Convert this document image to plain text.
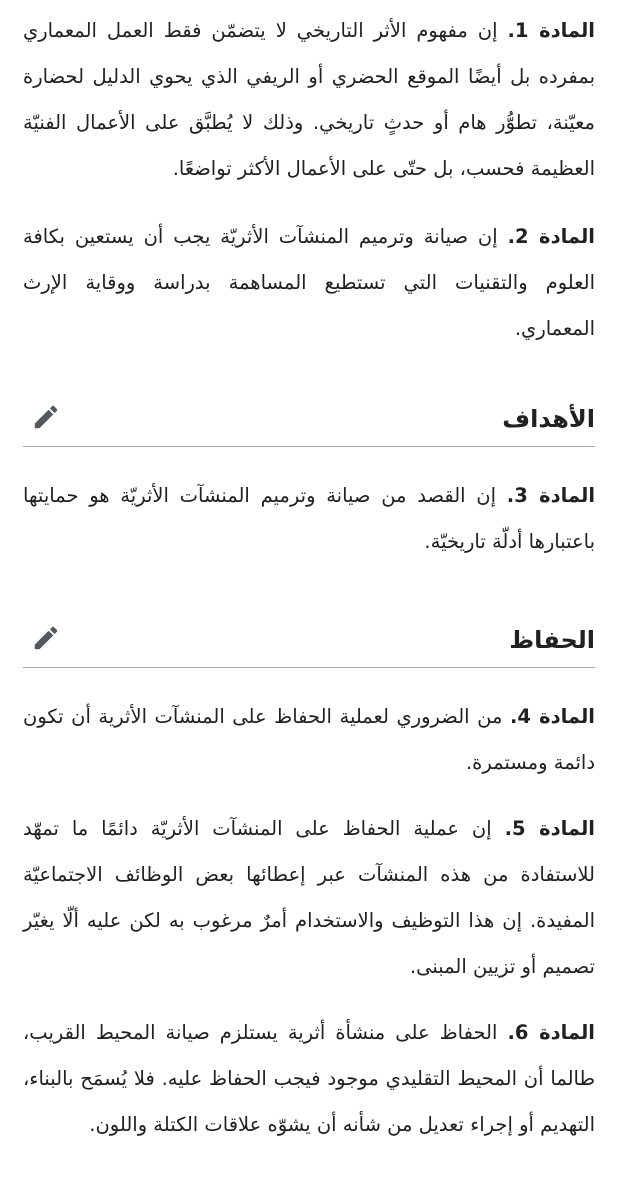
المادة 1. إن مفهوم الأثر التاريخي لا يتضمّن فقط العمل المعماري بمفرده بل أيضًا الموقع الحضري أو الريفي الذي يحوي الدليل لحضارة معيّنة، تطوُّر هام أو حدثٍ تاريخي. وذلك لا يُطبَّق على الأعمال الفنيّة العظيمة فحسب، بل حتّى على الأعمال الأكثر تواضعًا.

المادة 2. إن صيانة وترميم المنشآت الأثريّة يجب أن يستعين بكافة العلوم والتقنيات التي تستطيع المساهمة بدراسة ووقاية الإرث المعماري.

الأهداف

المادة 3. إن القصد من صيانة وترميم المنشآت الأثريّة هو حمايتها باعتبارها أدلّة تاريخيّة.

الحفاظ

المادة 4. من الضروري لعملية الحفاظ على المنشآت الأثرية أن تكون دائمة ومستمرة.

المادة 5. إن عملية الحفاظ على المنشآت الأثريّة دائمًا ما تمهّد للاستفادة من هذه المنشآت عبر إعطائها بعض الوظائف الاجتماعيّة المفيدة. إن هذا التوظيف والاستخدام أمرٌ مرغوب به لكن عليه ألّا يغيّر تصميم أو تزيين المبنى.

المادة 6. الحفاظ على منشأة أثرية يستلزم صيانة المحيط القريب، طالما أن المحيط التقليدي موجود فيجب الحفاظ عليه. فلا يُسمَح بالبناء، التهديم أو إجراء تعديل من شأنه أن يشوّه علاقات الكتلة واللون.
